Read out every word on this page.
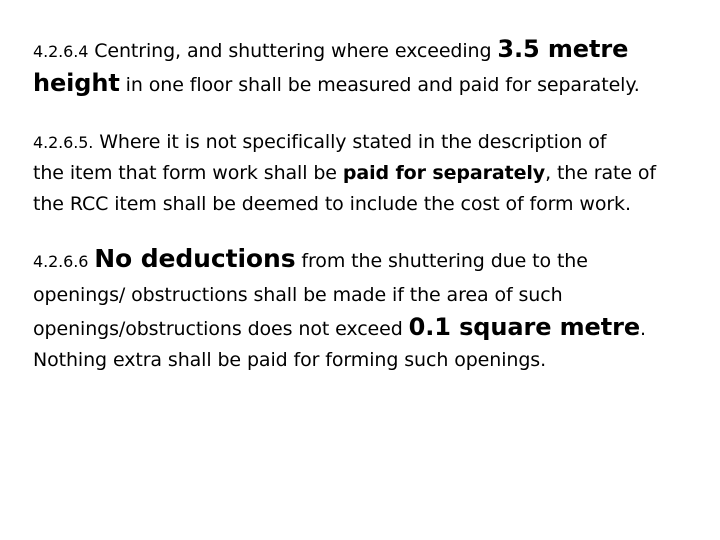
4.2.6.4 Centring, and shuttering where exceeding 3.5 metre
height in one floor shall be measured and paid for separately.
4.2.6.5. Where it is not specifically stated in the description of
the item that form work shall be paid for separately, the rate of
the RCC item shall be deemed to include the cost of form work.
4.2.6.6 No deductions from the shuttering due to the
openings/ obstructions shall be made if the area of such
openings/obstructions does not exceed 0.1 square metre.
Nothing extra shall be paid for forming such openings.
